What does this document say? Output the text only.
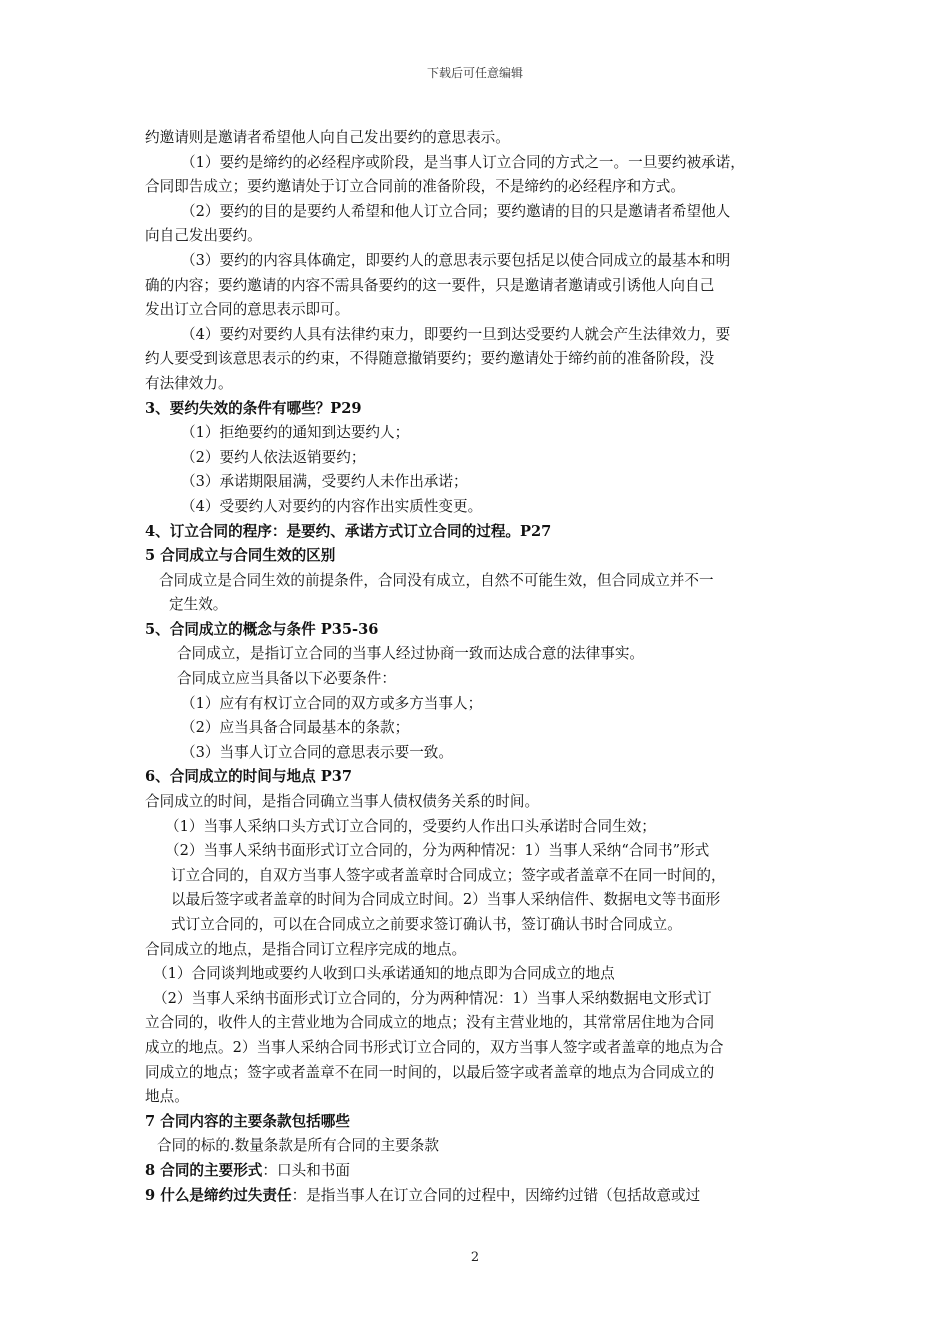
下载后可任意编辑
约邀请则是邀请者希望他人向自己发出要约的意思表示。
（1）要约是缔约的必经程序或阶段，是当事人订立合同的方式之一。一旦要约被承诺，
合同即告成立；要约邀请处于订立合同前的准备阶段，不是缔约的必经程序和方式。
（2）要约的目的是要约人希望和他人订立合同；要约邀请的目的只是邀请者希望他人
向自己发出要约。
（3）要约的内容具体确定，即要约人的意思表示要包括足以使合同成立的最基本和明
确的内容；要约邀请的内容不需具备要约的这一要件，只是邀请者邀请或引诱他人向自己
发出订立合同的意思表示即可。
（4）要约对要约人具有法律约束力，即要约一旦到达受要约人就会产生法律效力，要
约人要受到该意思表示的约束，不得随意撤销要约；要约邀请处于缔约前的准备阶段，没
有法律效力。
3、要约失效的条件有哪些？P29
（1）拒绝要约的通知到达要约人；
（2）要约人依法返销要约；
（3）承诺期限届满，受要约人未作出承诺；
（4）受要约人对要约的内容作出实质性变更。
4、订立合同的程序：是要约、承诺方式订立合同的过程。P27
5 合同成立与合同生效的区别
合同成立是合同生效的前提条件，合同没有成立，自然不可能生效，但合同成立并不一
定生效。
5、合同成立的概念与条件 P35-36
合同成立，是指订立合同的当事人经过协商一致而达成合意的法律事实。
合同成立应当具备以下必要条件：
（1）应有有权订立合同的双方或多方当事人；
（2）应当具备合同最基本的条款；
（3）当事人订立合同的意思表示要一致。
6、合同成立的时间与地点 P37
合同成立的时间，是指合同确立当事人债权债务关系的时间。
（1）当事人采纳口头方式订立合同的，受要约人作出口头承诺时合同生效；
（2）当事人采纳书面形式订立合同的，分为两种情况：1）当事人采纳“合同书”形式
订立合同的，自双方当事人签字或者盖章时合同成立；签字或者盖章不在同一时间的，
以最后签字或者盖章的时间为合同成立时间。2）当事人采纳信件、数据电文等书面形
式订立合同的，可以在合同成立之前要求签订确认书，签订确认书时合同成立。
合同成立的地点，是指合同订立程序完成的地点。
（1）合同谈判地或要约人收到口头承诺通知的地点即为合同成立的地点
（2）当事人采纳书面形式订立合同的，分为两种情况：1）当事人采纳数据电文形式订
立合同的，收件人的主营业地为合同成立的地点；没有主营业地的，其常常居住地为合同
成立的地点。2）当事人采纳合同书形式订立合同的，双方当事人签字或者盖章的地点为合
同成立的地点；签字或者盖章不在同一时间的，以最后签字或者盖章的地点为合同成立的
地点。
7 合同内容的主要条款包括哪些
合同的标的.数量条款是所有合同的主要条款
8 合同的主要形式：口头和书面
9 什么是缔约过失责任：是指当事人在订立合同的过程中，因缔约过错（包括故意或过
2
